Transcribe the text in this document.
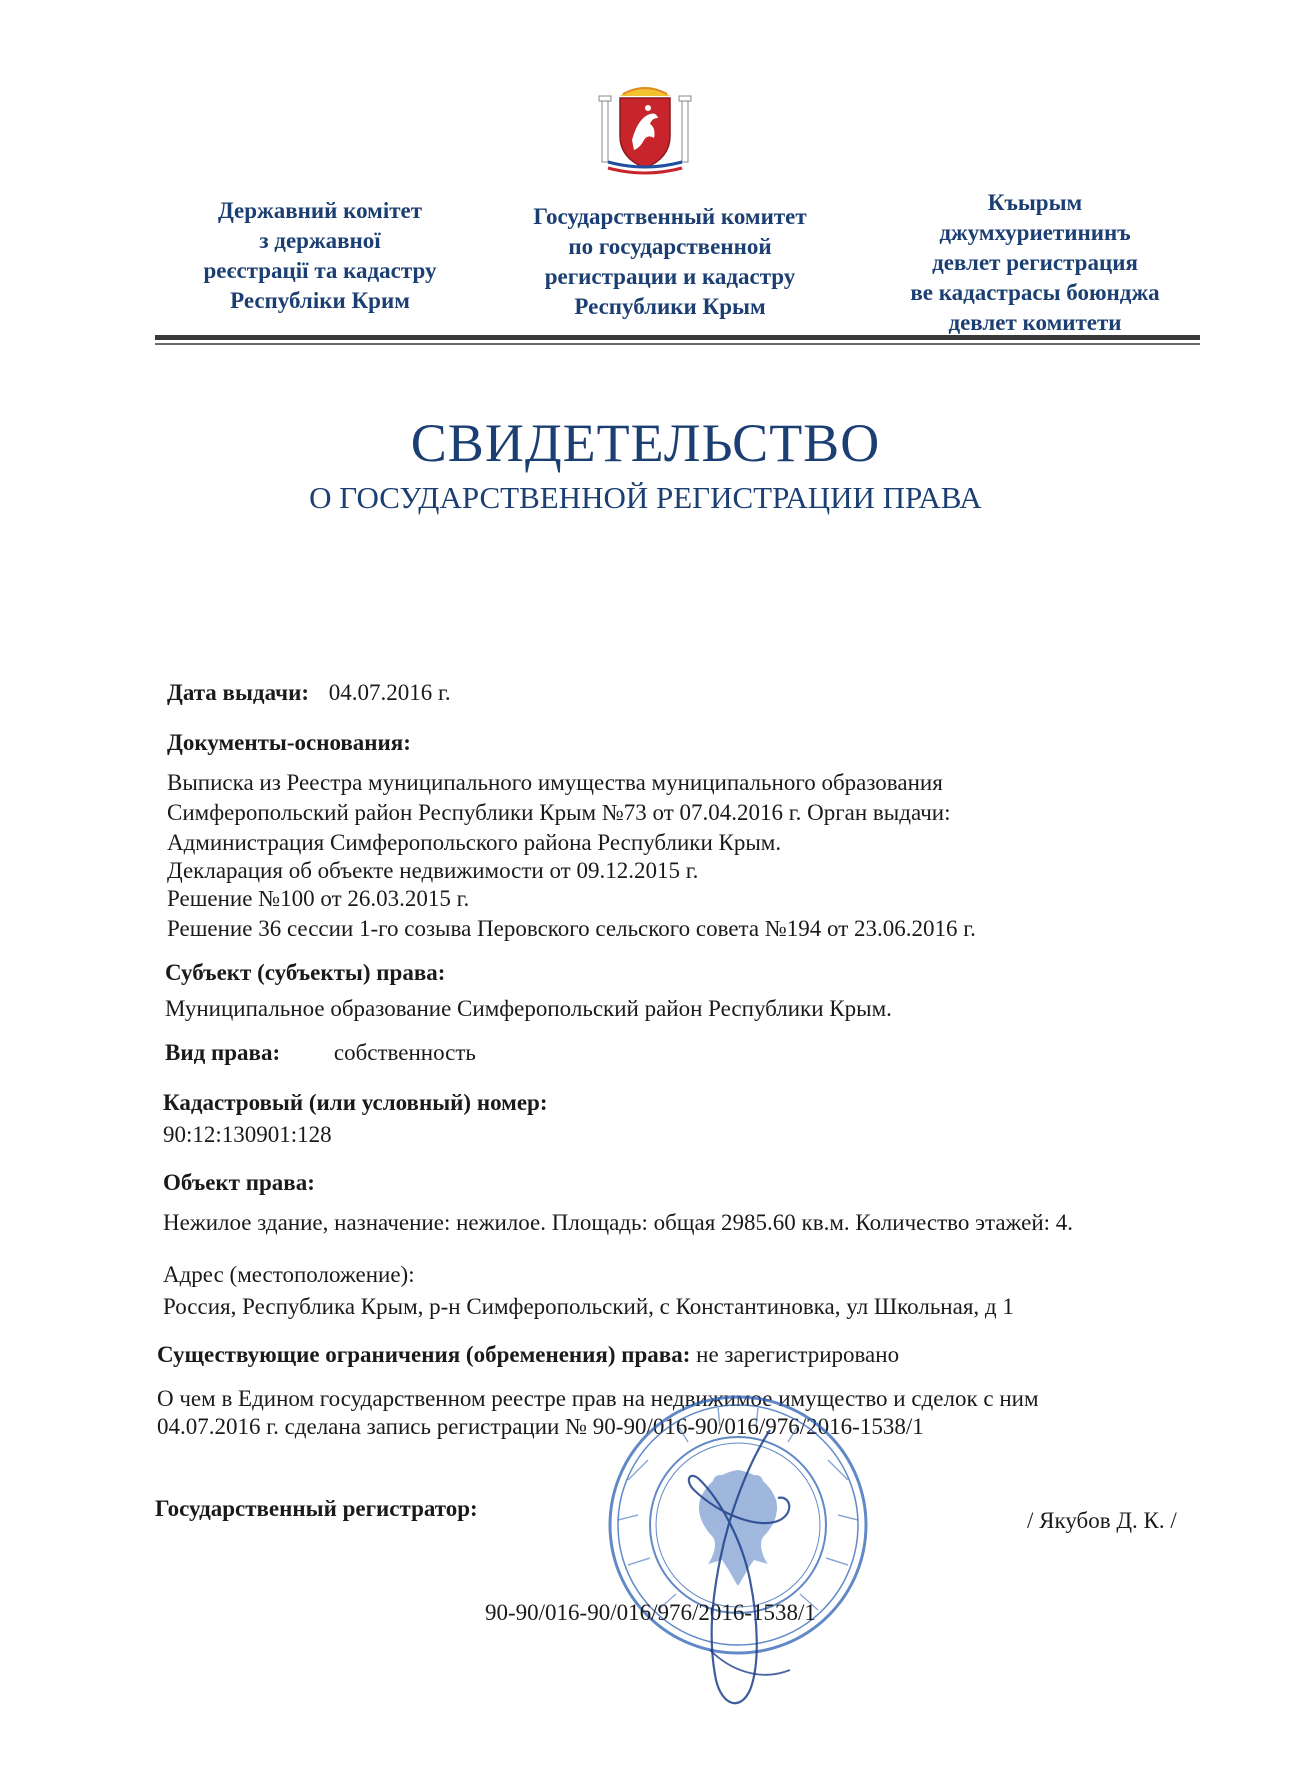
Державний комітет
з державної
реєстрації та кадастру
Республіки Крим
Государственный комитет
по государственной
регистрации и кадастру
Республики Крым
Къырым
джумхуриетининъ
девлет регистрация
ве кадастрасы боюнджа
девлет комитети
СВИДЕТЕЛЬСТВО
О ГОСУДАРСТВЕННОЙ РЕГИСТРАЦИИ ПРАВА
Дата выдачи: 04.07.2016 г.
Документы-основания:
Выписка из Реестра муниципального имущества муниципального образования
Симферопольский район Республики Крым №73 от 07.04.2016 г. Орган выдачи:
Администрация Симферопольского района Республики Крым.
Декларация об объекте недвижимости от 09.12.2015 г.
Решение №100 от 26.03.2015 г.
Решение 36 сессии 1-го созыва Перовского сельского совета №194 от 23.06.2016 г.
Субъект (субъекты) права:
Муниципальное образование Симферопольский район Республики Крым.
Вид права: собственность
Кадастровый (или условный) номер:
90:12:130901:128
Объект права:
Нежилое здание, назначение: нежилое. Площадь: общая 2985.60 кв.м. Количество этажей: 4.
Адрес (местоположение):
Россия, Республика Крым, р-н Симферопольский, с Константиновка, ул Школьная, д 1
Существующие ограничения (обременения) права: не зарегистрировано
О чем в Едином государственном реестре прав на недвижимое имущество и сделок с ним
04.07.2016 г. сделана запись регистрации № 90-90/016-90/016/976/2016-1538/1
Государственный регистратор:	/ Якубов Д. К. /
90-90/016-90/016/976/2016-1538/1
